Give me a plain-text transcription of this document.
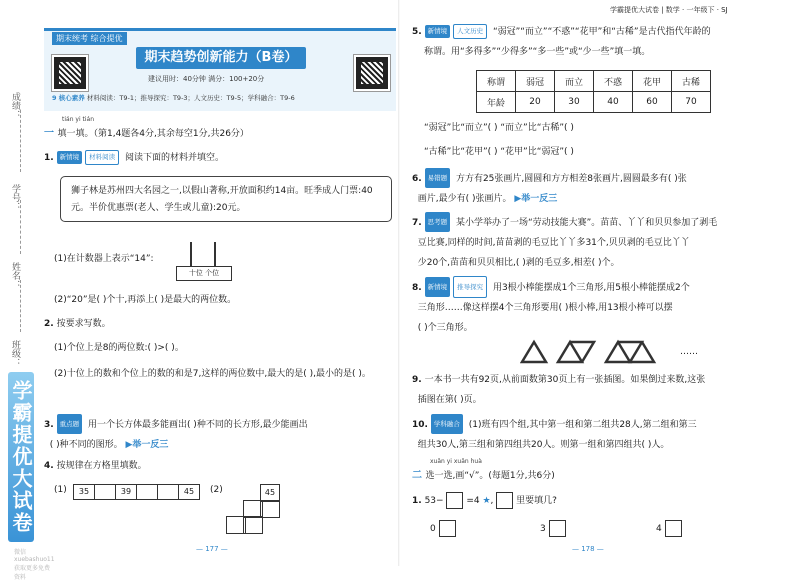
成绩：
学号：
姓名：
班级：
学霸提优大试卷
微信 xuebashuo11 获取更多免费资料
期末统考 综合提优
期末趋势创新能力（B卷）
建议用时：40分钟 满分：100+20分
9 核心素养 材料阅读：T9-1；推导探究：T9-3；人文历史：T9-5；学科融合：T9-6
tián yi tián
一 填一填。（第1,4题各4分,其余每空1分,共26分）
1. 新情境 材料阅读 阅读下面的材料并填空。
狮子林是苏州四大名园之一,以假山著称,开放面积约14亩。旺季成人门票:40元。半价优惠票(老人、学生或儿童):20元。
(1)在计数器上表示“14”:
十位 个位
(2)“20”是( )个十,再添上( )是最大的两位数。
2. 按要求写数。
(1)个位上是8的两位数:( )>( )。
(2)十位上的数和个位上的数的和是7,这样的两位数中,最大的是( ),最小的是( )。
3. 重点题 用一个长方体最多能画出( )种不同的长方形,最少能画出
( )种不同的图形。 ▶举一反三
4. 按规律在方格里填数。
(1)	35	39	45	(2)	45
— 177 —
学霸提优大试卷 | 数学 · 一年级下 · SJ
5. 新情境 人文历史 “弱冠”“而立”“不惑”“花甲”和“古稀”是古代指代年龄的
称谓。用“多得多”“少得多”“多一些”或“少一些”填一填。
称谓	弱冠	而立	不惑	花甲	古稀
年龄	20	30	40	60	70
“弱冠”比“而立”( ) “而立”比“古稀”( )
“古稀”比“花甲”( ) “花甲”比“弱冠”( )
6. 易错题 方方有25张画片,圆圆和方方相差8张画片,圆圆最多有( )张
画片,最少有( )张画片。 ▶举一反三
7. 思考题 某小学举办了一场“劳动技能大赛”。苗苗、丫丫和贝贝参加了剥毛
豆比赛,同样的时间,苗苗剥的毛豆比丫丫多31个,贝贝剥的毛豆比丫丫
少20个,苗苗和贝贝相比,( )剥的毛豆多,相差( )个。
8. 新情境 推导探究 用3根小棒能摆成1个三角形,用5根小棒能摆成2个
三角形……像这样摆4个三角形要用( )根小棒,用13根小棒可以摆
( )个三角形。
……
9. 一本书一共有92页,从前面数第30页上有一张插图。如果倒过来数,这张
插图在第( )页。
10. 学科融合 (1)班有四个组,其中第一组和第二组共28人,第二组和第三
组共30人,第三组和第四组共20人。则第一组和第四组共( )人。
xuǎn yi xuǎn huà
二 选一选,画“√”。(每题1分,共6分)
1. 53−	=4 ★,	里要填几?
0	3	4
— 178 —
